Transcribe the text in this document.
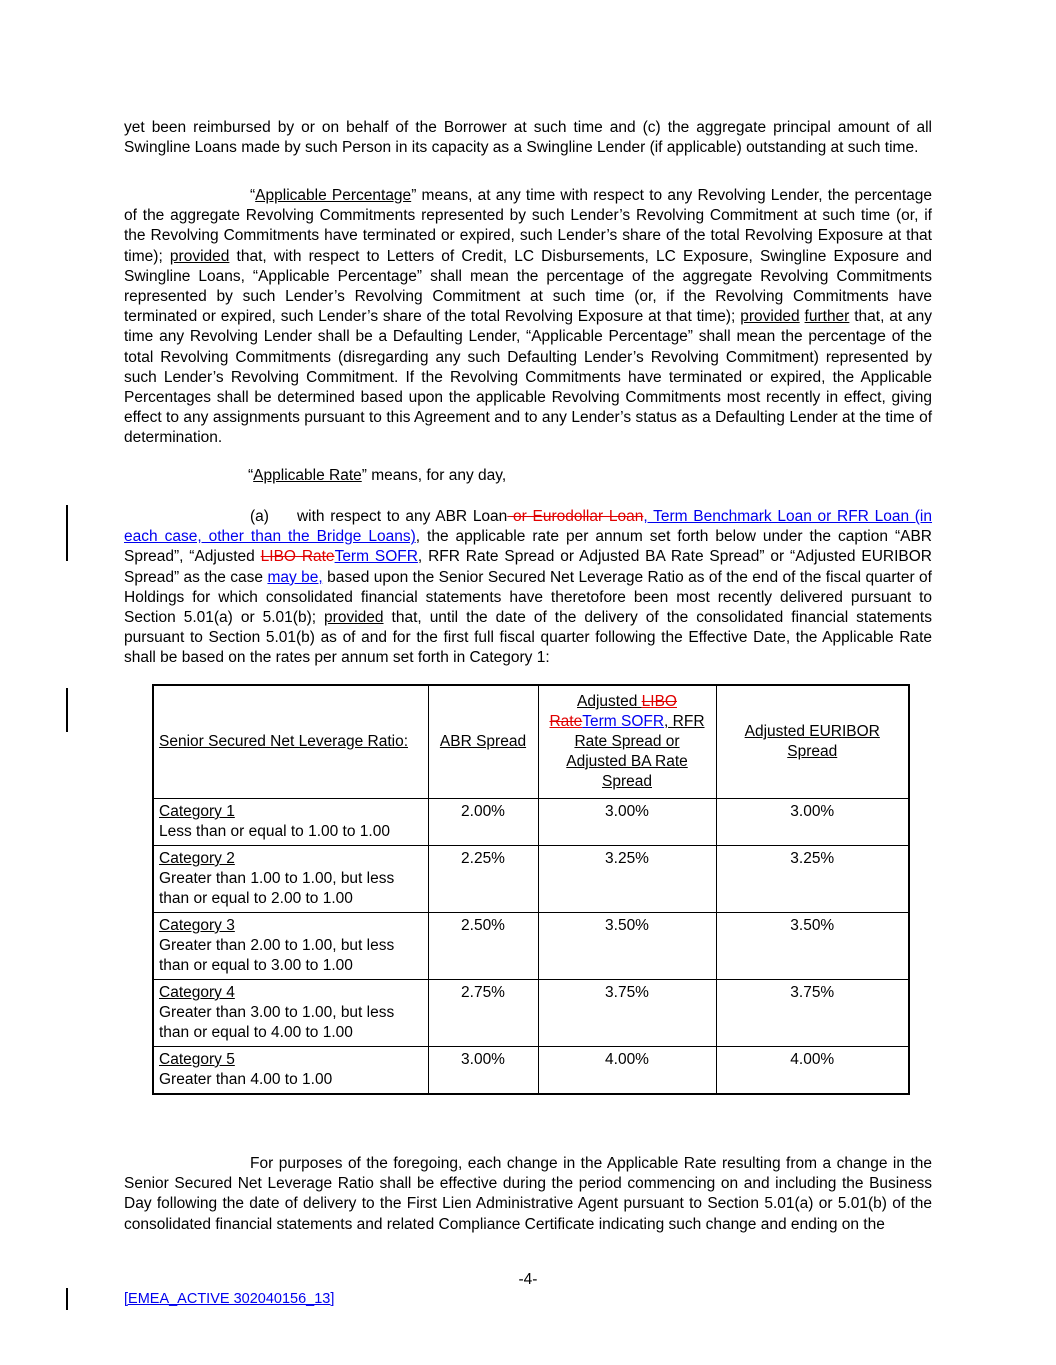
yet been reimbursed by or on behalf of the Borrower at such time and (c) the aggregate principal amount of all Swingline Loans made by such Person in its capacity as a Swingline Lender (if applicable) outstanding at such time.

“Applicable Percentage” means, at any time with respect to any Revolving Lender, the percentage of the aggregate Revolving Commitments represented by such Lender’s Revolving Commitment at such time (or, if the Revolving Commitments have terminated or expired, such Lender’s share of the total Revolving Exposure at that time); provided that, with respect to Letters of Credit, LC Disbursements, LC Exposure, Swingline Exposure and Swingline Loans, “Applicable Percentage” shall mean the percentage of the aggregate Revolving Commitments represented by such Lender’s Revolving Commitment at such time (or, if the Revolving Commitments have terminated or expired, such Lender’s share of the total Revolving Exposure at that time); provided further that, at any time any Revolving Lender shall be a Defaulting Lender, “Applicable Percentage” shall mean the percentage of the total Revolving Commitments (disregarding any such Defaulting Lender’s Revolving Commitment) represented by such Lender’s Revolving Commitment. If the Revolving Commitments have terminated or expired, the Applicable Percentages shall be determined based upon the applicable Revolving Commitments most recently in effect, giving effect to any assignments pursuant to this Agreement and to any Lender’s status as a Defaulting Lender at the time of determination.

“Applicable Rate” means, for any day,

(a) with respect to any ABR Loan or Eurodollar Loan, Term Benchmark Loan or RFR Loan (in each case, other than the Bridge Loans), the applicable rate per annum set forth below under the caption “ABR Spread”, “Adjusted LIBO RateTerm SOFR, RFR Rate Spread or Adjusted BA Rate Spread” or “Adjusted EURIBOR Spread” as the case may be, based upon the Senior Secured Net Leverage Ratio as of the end of the fiscal quarter of Holdings for which consolidated financial statements have theretofore been most recently delivered pursuant to Section 5.01(a) or 5.01(b); provided that, until the date of the delivery of the consolidated financial statements pursuant to Section 5.01(b) as of and for the first full fiscal quarter following the Effective Date, the Applicable Rate shall be based on the rates per annum set forth in Category 1:

Senior Secured Net Leverage Ratio:	ABR Spread	Adjusted LIBO RateTerm SOFR, RFR Rate Spread or Adjusted BA Rate Spread	Adjusted EURIBOR Spread
Category 1
Less than or equal to 1.00 to 1.00	2.00%	3.00%	3.00%
Category 2
Greater than 1.00 to 1.00, but less than or equal to 2.00 to 1.00	2.25%	3.25%	3.25%
Category 3
Greater than 2.00 to 1.00, but less than or equal to 3.00 to 1.00	2.50%	3.50%	3.50%
Category 4
Greater than 3.00 to 1.00, but less than or equal to 4.00 to 1.00	2.75%	3.75%	3.75%
Category 5
Greater than 4.00 to 1.00	3.00%	4.00%	4.00%

For purposes of the foregoing, each change in the Applicable Rate resulting from a change in the Senior Secured Net Leverage Ratio shall be effective during the period commencing on and including the Business Day following the date of delivery to the First Lien Administrative Agent pursuant to Section 5.01(a) or 5.01(b) of the consolidated financial statements and related Compliance Certificate indicating such change and ending on the

-4-
[EMEA_ACTIVE 302040156_13]
